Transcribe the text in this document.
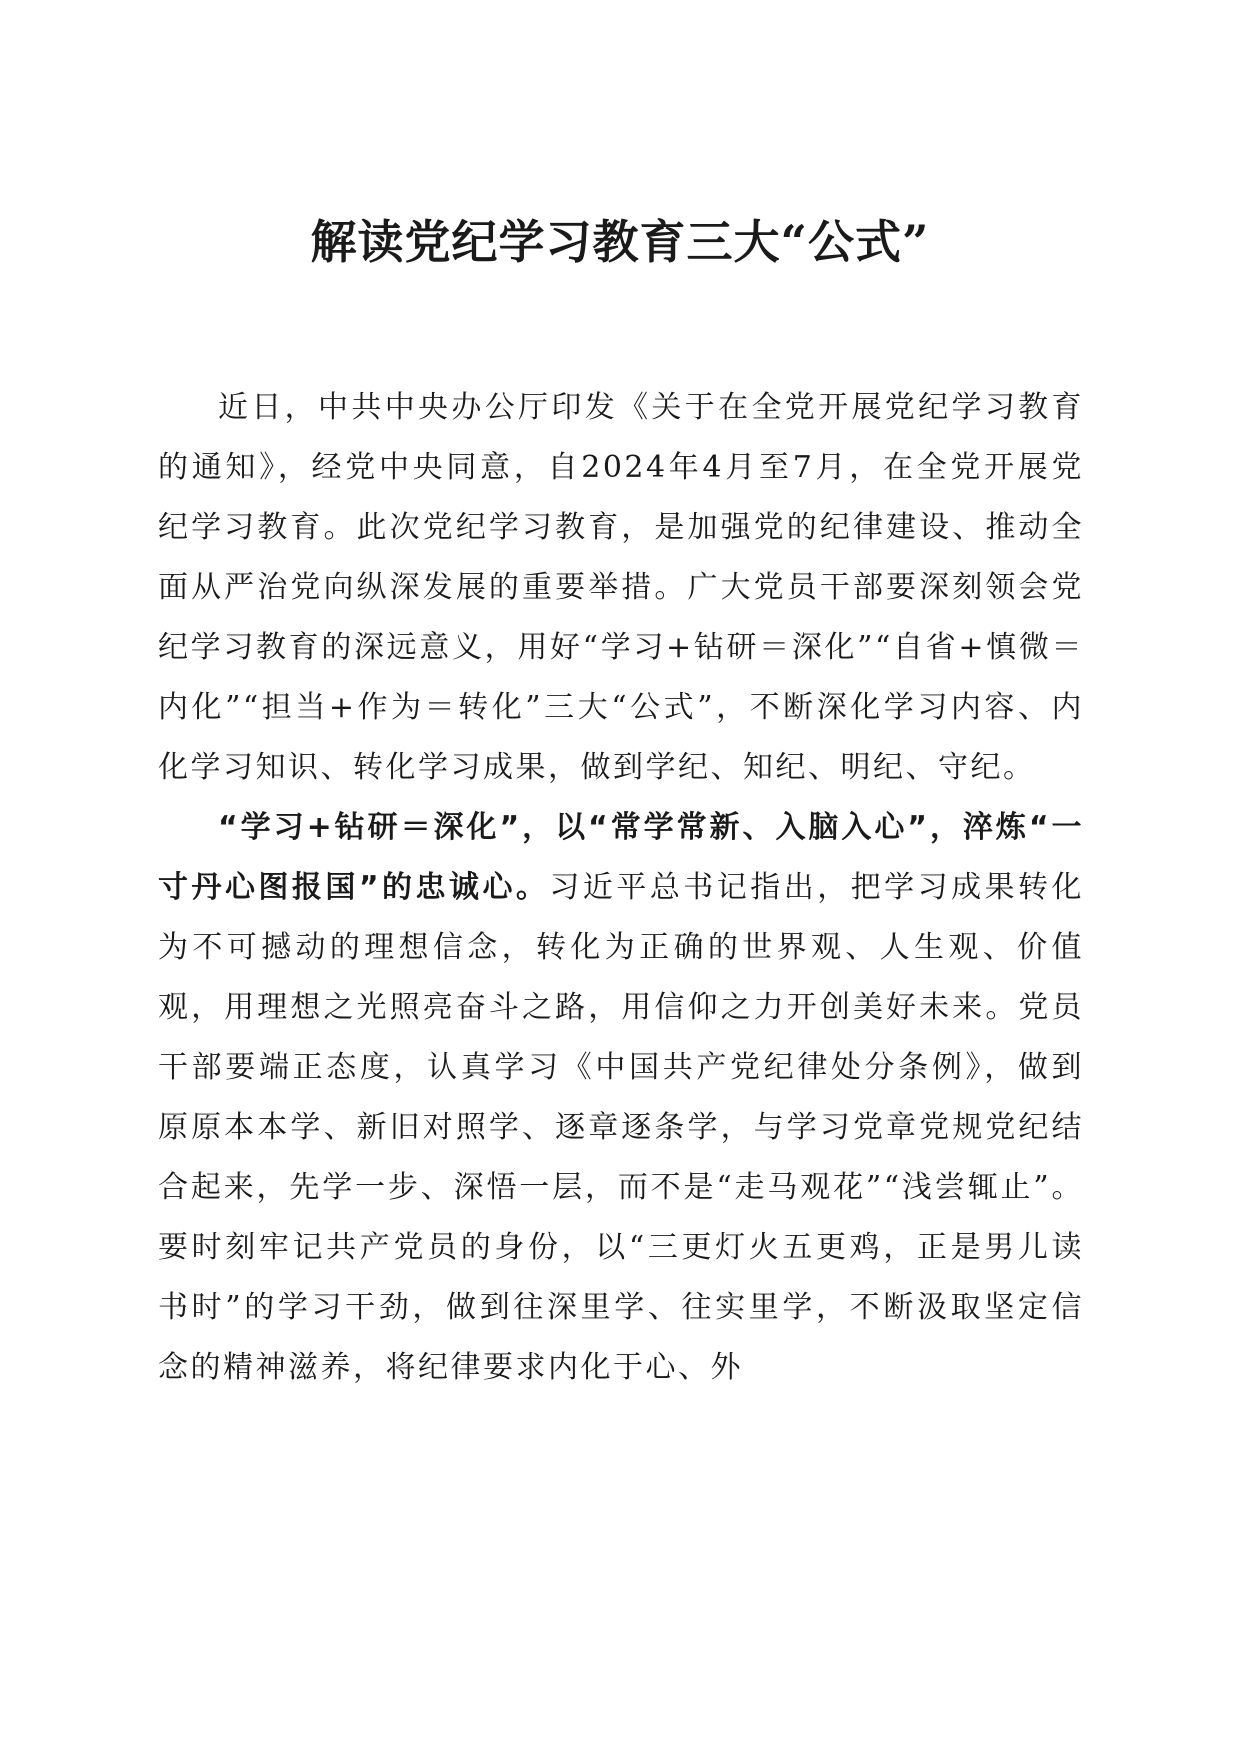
解读党纪学习教育三大“公式”

近日，中共中央办公厅印发《关于在全党开展党纪学习教育的通知》，经党中央同意，自2024年4月至7月，在全党开展党纪学习教育。此次党纪学习教育，是加强党的纪律建设、推动全面从严治党向纵深发展的重要举措。广大党员干部要深刻领会党纪学习教育的深远意义，用好“学习+钻研＝深化”“自省+慎微＝内化”“担当+作为＝转化”三大“公式”，不断深化学习内容、内化学习知识、转化学习成果，做到学纪、知纪、明纪、守纪。

“学习+钻研＝深化”，以“常学常新、入脑入心”，淬炼“一寸丹心图报国”的忠诚心。习近平总书记指出，把学习成果转化为不可撼动的理想信念，转化为正确的世界观、人生观、价值观，用理想之光照亮奋斗之路，用信仰之力开创美好未来。党员干部要端正态度，认真学习《中国共产党纪律处分条例》，做到原原本本学、新旧对照学、逐章逐条学，与学习党章党规党纪结合起来，先学一步、深悟一层，而不是“走马观花”“浅尝辄止”。要时刻牢记共产党员的身份，以“三更灯火五更鸡，正是男儿读书时”的学习干劲，做到往深里学、往实里学，不断汲取坚定信念的精神滋养，将纪律要求内化于心、外
